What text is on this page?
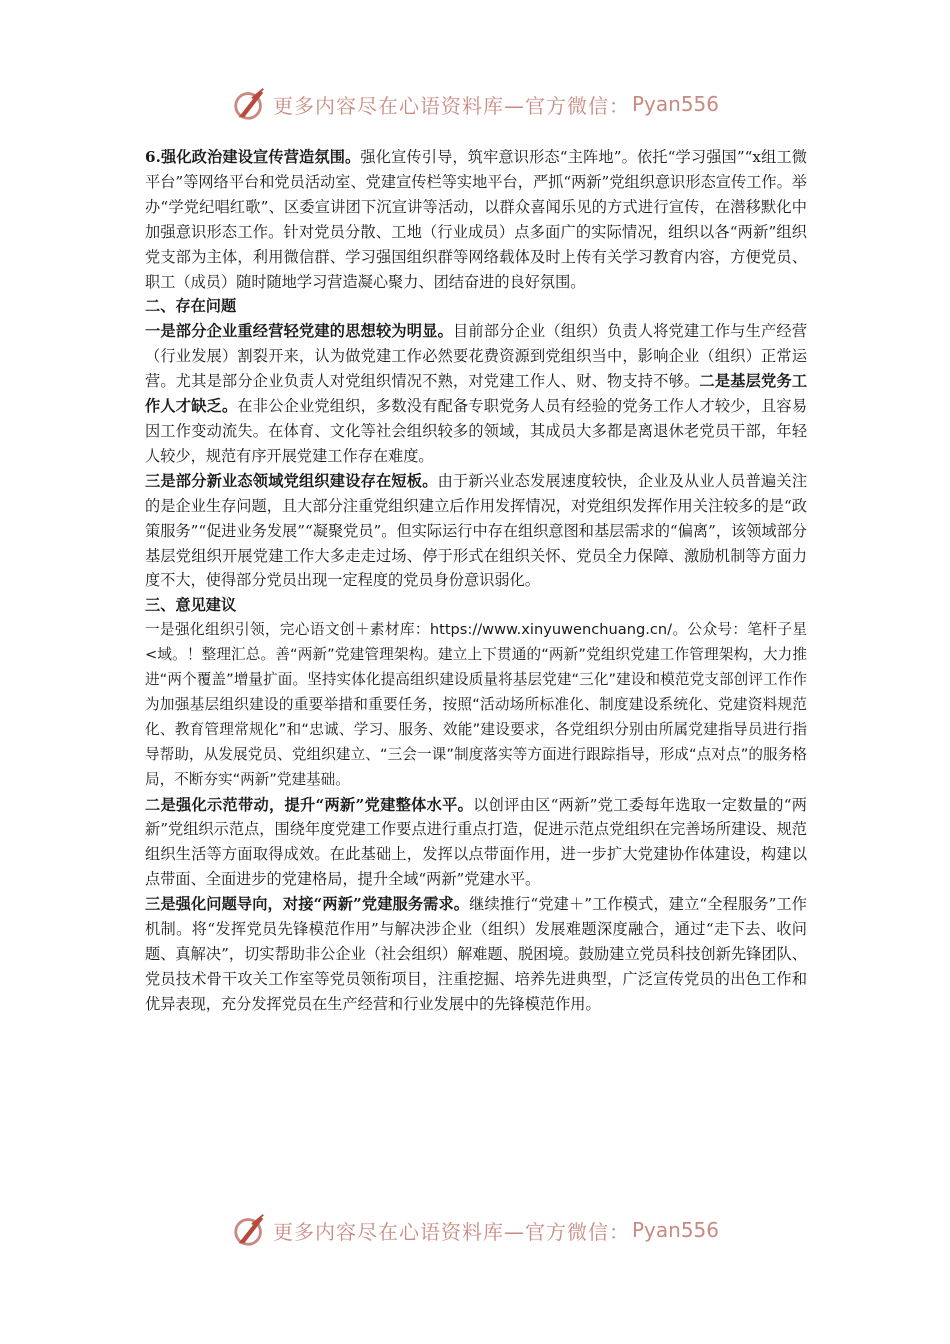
更多内容尽在心语资料库—官方微信： Pyan556

6.强化政治建设宣传营造氛围。强化宣传引导，筑牢意识形态“主阵地”。依托“学习强国”“x组工微平台”等网络平台和党员活动室、党建宣传栏等实地平台，严抓“两新”党组织意识形态宣传工作。举办“学党纪唱红歌”、区委宣讲团下沉宣讲等活动，以群众喜闻乐见的方式进行宣传，在潜移默化中加强意识形态工作。针对党员分散、工地（行业成员）点多面广的实际情况，组织以各“两新”组织党支部为主体，利用微信群、学习强国组织群等网络载体及时上传有关学习教育内容，方便党员、职工（成员）随时随地学习营造凝心聚力、团结奋进的良好氛围。

二、存在问题

一是部分企业重经营轻党建的思想较为明显。目前部分企业（组织）负责人将党建工作与生产经营（行业发展）割裂开来，认为做党建工作必然要花费资源到党组织当中，影响企业（组织）正常运营。尤其是部分企业负责人对党组织情况不熟，对党建工作人、财、物支持不够。二是基层党务工作人才缺乏。在非公企业党组织，多数没有配备专职党务人员有经验的党务工作人才较少，且容易因工作变动流失。在体育、文化等社会组织较多的领域，其成员大多都是离退休老党员干部，年轻人较少，规范有序开展党建工作存在难度。

三是部分新业态领域党组织建设存在短板。由于新兴业态发展速度较快，企业及从业人员普遍关注的是企业生存问题，且大部分注重党组织建立后作用发挥情况，对党组织发挥作用关注较多的是“政策服务”“促进业务发展”“凝聚党员”。但实际运行中存在组织意图和基层需求的“偏离”，该领域部分基层党组织开展党建工作大多走走过场、停于形式在组织关怀、党员全力保障、激励机制等方面力度不大，使得部分党员出现一定程度的党员身份意识弱化。

三、意见建议

一是强化组织引领，完心语文创＋素材库：https://www.xinyuwenchuang.cn/。公众号：笔杆子星<域。！整理汇总。善“两新”党建管理架构。建立上下贯通的“两新”党组织党建工作管理架构，大力推进“两个覆盖”增量扩面。坚持实体化提高组织建设质量将基层党建“三化”建设和模范党支部创评工作作为加强基层组织建设的重要举措和重要任务，按照“活动场所标准化、制度建设系统化、党建资料规范化、教育管理常规化”和“忠诚、学习、服务、效能”建设要求，各党组织分别由所属党建指导员进行指导帮助，从发展党员、党组织建立、“三会一课”制度落实等方面进行跟踪指导，形成“点对点”的服务格局，不断夯实“两新”党建基础。

二是强化示范带动，提升“两新”党建整体水平。以创评由区“两新”党工委每年选取一定数量的“两新”党组织示范点，围绕年度党建工作要点进行重点打造，促进示范点党组织在完善场所建设、规范组织生活等方面取得成效。在此基础上，发挥以点带面作用，进一步扩大党建协作体建设，构建以点带面、全面进步的党建格局，提升全域“两新”党建水平。

三是强化问题导向，对接“两新”党建服务需求。继续推行“党建＋”工作模式，建立“全程服务”工作机制。将“发挥党员先锋模范作用”与解决涉企业（组织）发展难题深度融合，通过“走下去、收问题、真解决”，切实帮助非公企业（社会组织）解难题、脱困境。鼓励建立党员科技创新先锋团队、党员技术骨干攻关工作室等党员领衔项目，注重挖掘、培养先进典型，广泛宣传党员的出色工作和优异表现，充分发挥党员在生产经营和行业发展中的先锋模范作用。

更多内容尽在心语资料库—官方微信： Pyan556
